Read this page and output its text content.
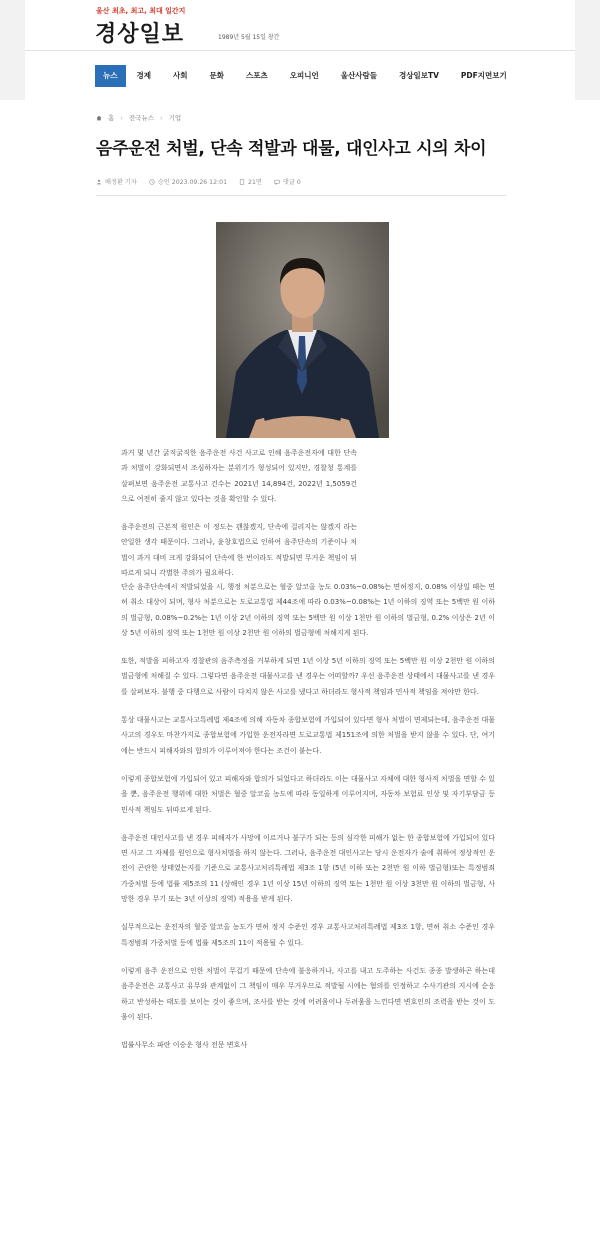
울산 최초, 최고, 최대 일간지
경상일보	1989년 5월 15일 창간
뉴스	경제	사회	문화	스포츠	오피니언	울산사람들	경상일보TV	PDF지면보기
홈 › 전국뉴스 › 기업
음주운전 처벌, 단속 적발과 대물, 대인사고 시의 차이
배정환 기자	승인 2023.09.26 12:01	21면	댓글 0

과거 몇 년간 굵직굵직한 음주운전 사건 사고로 인해 음주운전자에 대한 단속과 처벌이 강화되면서 조심하자는 분위기가 형성되어 있지만, 경찰청 통계를 살펴보면 음주운전 교통사고 건수는 2021년 14,894건, 2022년 1,5059건으로 여전히 줄지 않고 있다는 것을 확인할 수 있다.

음주운전의 근본적 원인은 이 정도는 괜찮겠지, 단속에 걸리지는 않겠지 라는 안일한 생각 때문이다. 그러나, 윤창호법으로 인하여 음주단속의 기준이나 처벌이 과거 대비 크게 강화되어 단속에 한 번이라도 적발되면 무거운 책임이 뒤따르게 되니 각별한 주의가 필요하다.

단순 음주단속에서 적발되었을 시, 행정 처분으로는 혈중 알코올 농도 0.03%~0.08%는 면허정지, 0.08% 이상일 때는 면허 취소 대상이 되며, 형사 처분으로는 도로교통법 제44조에 따라 0.03%~0.08%는 1년 이하의 징역 또는 5백만 원 이하의 벌금형, 0.08%~0.2%는 1년 이상 2년 이하의 징역 또는 5백만 원 이상 1천만 원 이하의 벌금형, 0.2% 이상은 2년 이상 5년 이하의 징역 또는 1천만 원 이상 2천만 원 이하의 벌금형에 처해지게 된다.

또한, 적발을 피하고자 경찰관의 음주측정을 거부하게 되면 1년 이상 5년 이하의 징역 또는 5백만 원 이상 2천만 원 이하의 벌금형에 처해질 수 있다. 그렇다면 음주운전 대물사고를 낸 경우는 어떠할까? 우선 음주운전 상태에서 대물사고를 낸 경우를 살펴보자. 불행 중 다행으로 사람이 다치지 않은 사고를 냈다고 하더라도 형사적 책임과 민사적 책임을 져야만 한다.

통상 대물사고는 교통사고특례법 제4조에 의해 자동차 종합보험에 가입되어 있다면 형사 처벌이 면제되는데, 음주운전 대물사고의 경우도 마찬가지로 종합보험에 가입한 운전자라면 도로교통법 제151조에 의한 처벌을 받지 않을 수 있다. 단, 여기에는 반드시 피해자와의 합의가 이루어져야 한다는 조건이 붙는다.

이렇게 종합보험에 가입되어 있고 피해자와 합의가 되었다고 하더라도 이는 대물사고 자체에 대한 형사적 처벌을 면할 수 있을 뿐, 음주운전 행위에 대한 처벌은 혈중 알코올 농도에 따라 동일하게 이루어지며, 자동차 보험료 인상 및 자기부담금 등 민사적 책임도 뒤따르게 된다.

음주운전 대인사고를 낸 경우 피해자가 사망에 이르거나 불구가 되는 등의 심각한 피해가 없는 한 종합보험에 가입되어 있다면 사고 그 자체를 원인으로 형사처벌을 하지 않는다. 그러나, 음주운전 대인사고는 당시 운전자가 술에 취하여 정상적인 운전이 곤란한 상태였는지를 기준으로 교통사고처리특례법 제3조 1항 (5년 이하 또는 2천만 원 이하 벌금형)또는 특정범죄 가중처벌 등에 법률 제5조의 11 (상해인 경우 1년 이상 15년 이하의 징역 또는 1천만 원 이상 3천만 원 이하의 벌금형, 사망한 경우 무기 또는 3년 이상의 징역) 적용을 받게 된다.

실무적으로는 운전자의 혈중 알코올 농도가 면허 정지 수준인 경우 교통사고처리특례법 제3조 1항, 면허 취소 수준인 경우 특정범죄 가중처벌 등에 법률 제5조의 11이 적용될 수 있다.

이렇게 음주 운전으로 인한 처벌이 무겁기 때문에 단속에 불응하거나, 사고를 내고 도주하는 사건도 종종 발생하곤 하는데 음주운전은 교통사고 유무와 관계없이 그 책임이 매우 무거우므로 적발될 시에는 혐의를 인정하고 수사기관의 지시에 순응하고 반성하는 태도를 보이는 것이 좋으며, 조사를 받는 것에 어려움이나 두려움을 느낀다면 변호인의 조력을 받는 것이 도움이 된다.

법률사무소 파란 이승운 형사 전문 변호사
